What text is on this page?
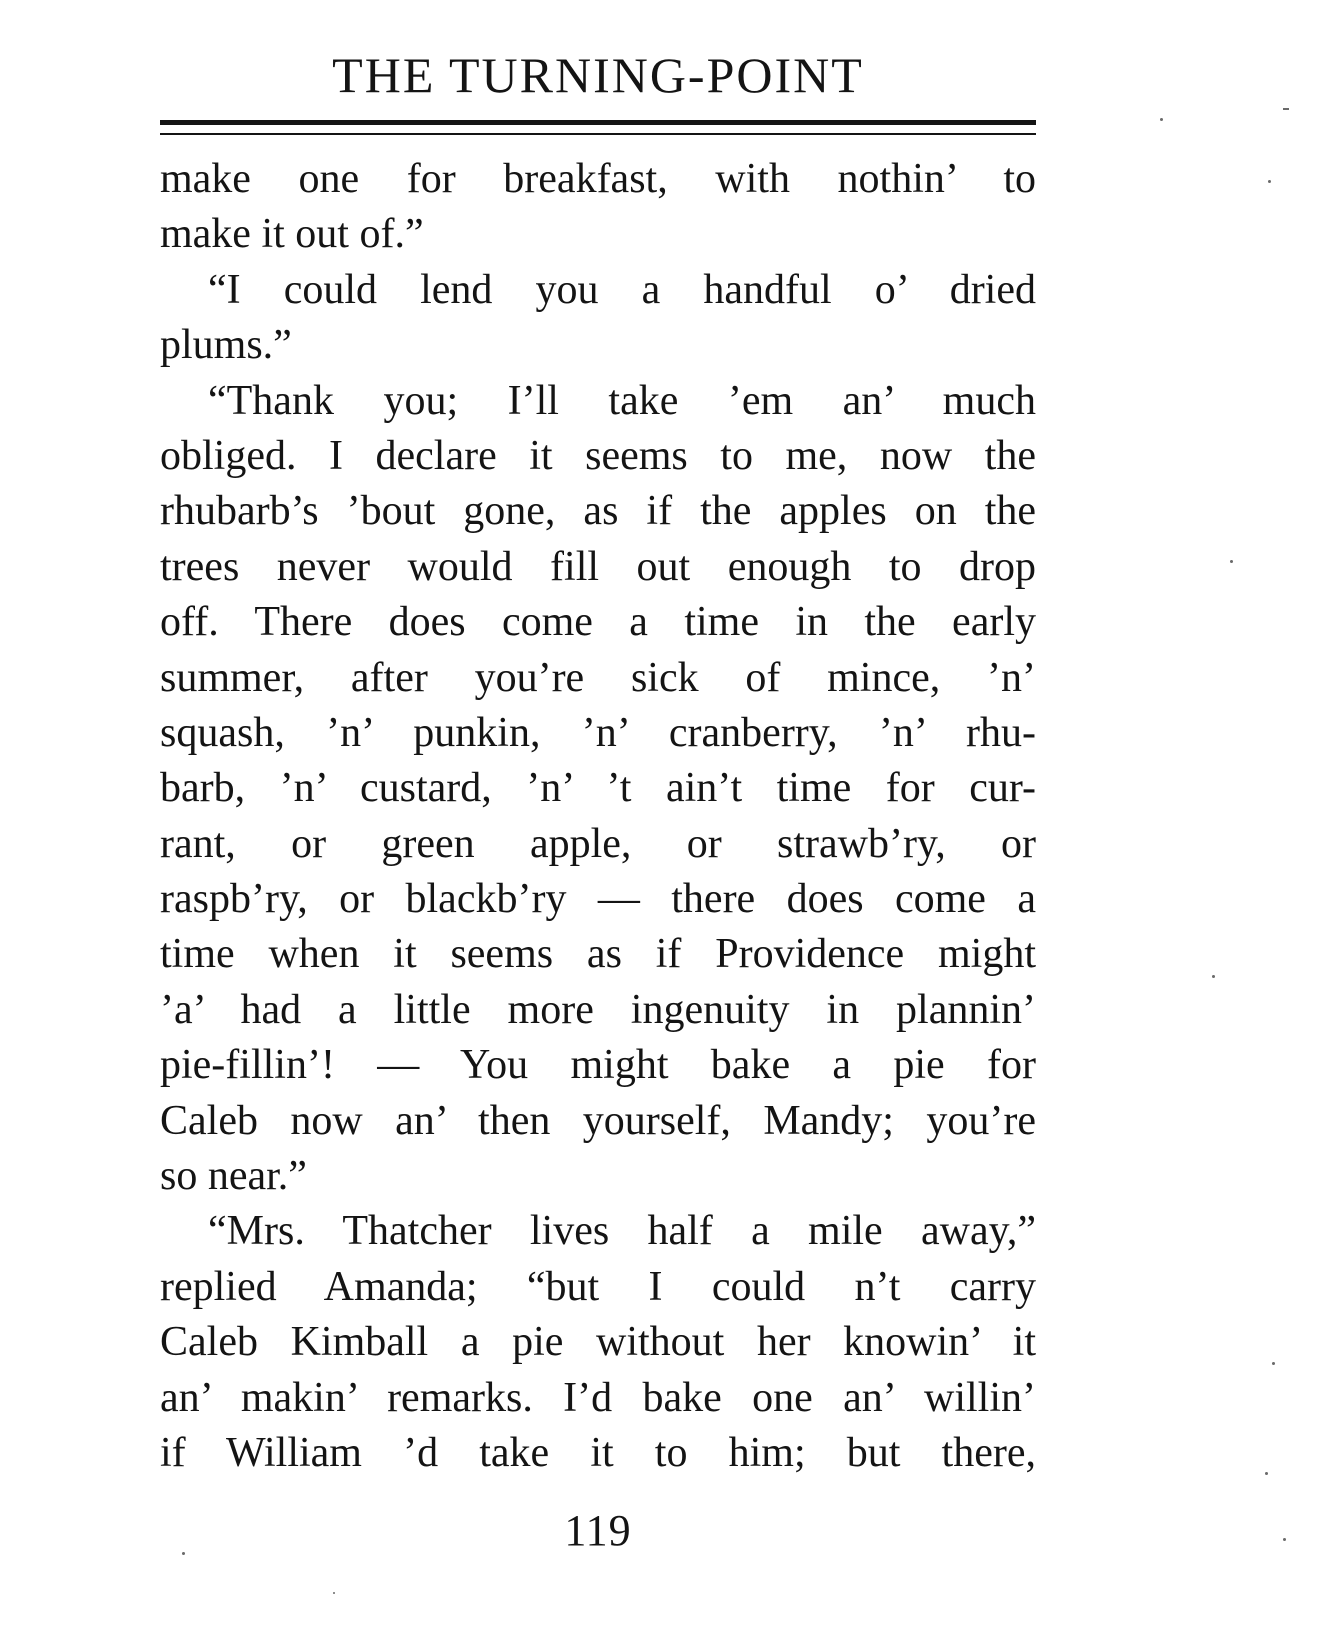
THE TURNING-POINT
make one for breakfast, with nothin’ to
make it out of.”
“I could lend you a handful o’ dried
plums.”
“Thank you; I’ll take ’em an’ much
obliged. I declare it seems to me, now the
rhubarb’s ’bout gone, as if the apples on the
trees never would fill out enough to drop
off. There does come a time in the early
summer, after you’re sick of mince, ’n’
squash, ’n’ punkin, ’n’ cranberry, ’n’ rhu-
barb, ’n’ custard, ’n’ ’t ain’t time for cur-
rant, or green apple, or strawb’ry, or
raspb’ry, or blackb’ry — there does come a
time when it seems as if Providence might
’a’ had a little more ingenuity in plannin’
pie-fillin’! — You might bake a pie for
Caleb now an’ then yourself, Mandy; you’re
so near.”
“Mrs. Thatcher lives half a mile away,”
replied Amanda; “but I could n’t carry
Caleb Kimball a pie without her knowin’ it
an’ makin’ remarks. I’d bake one an’ willin’
if William ’d take it to him; but there,
119
